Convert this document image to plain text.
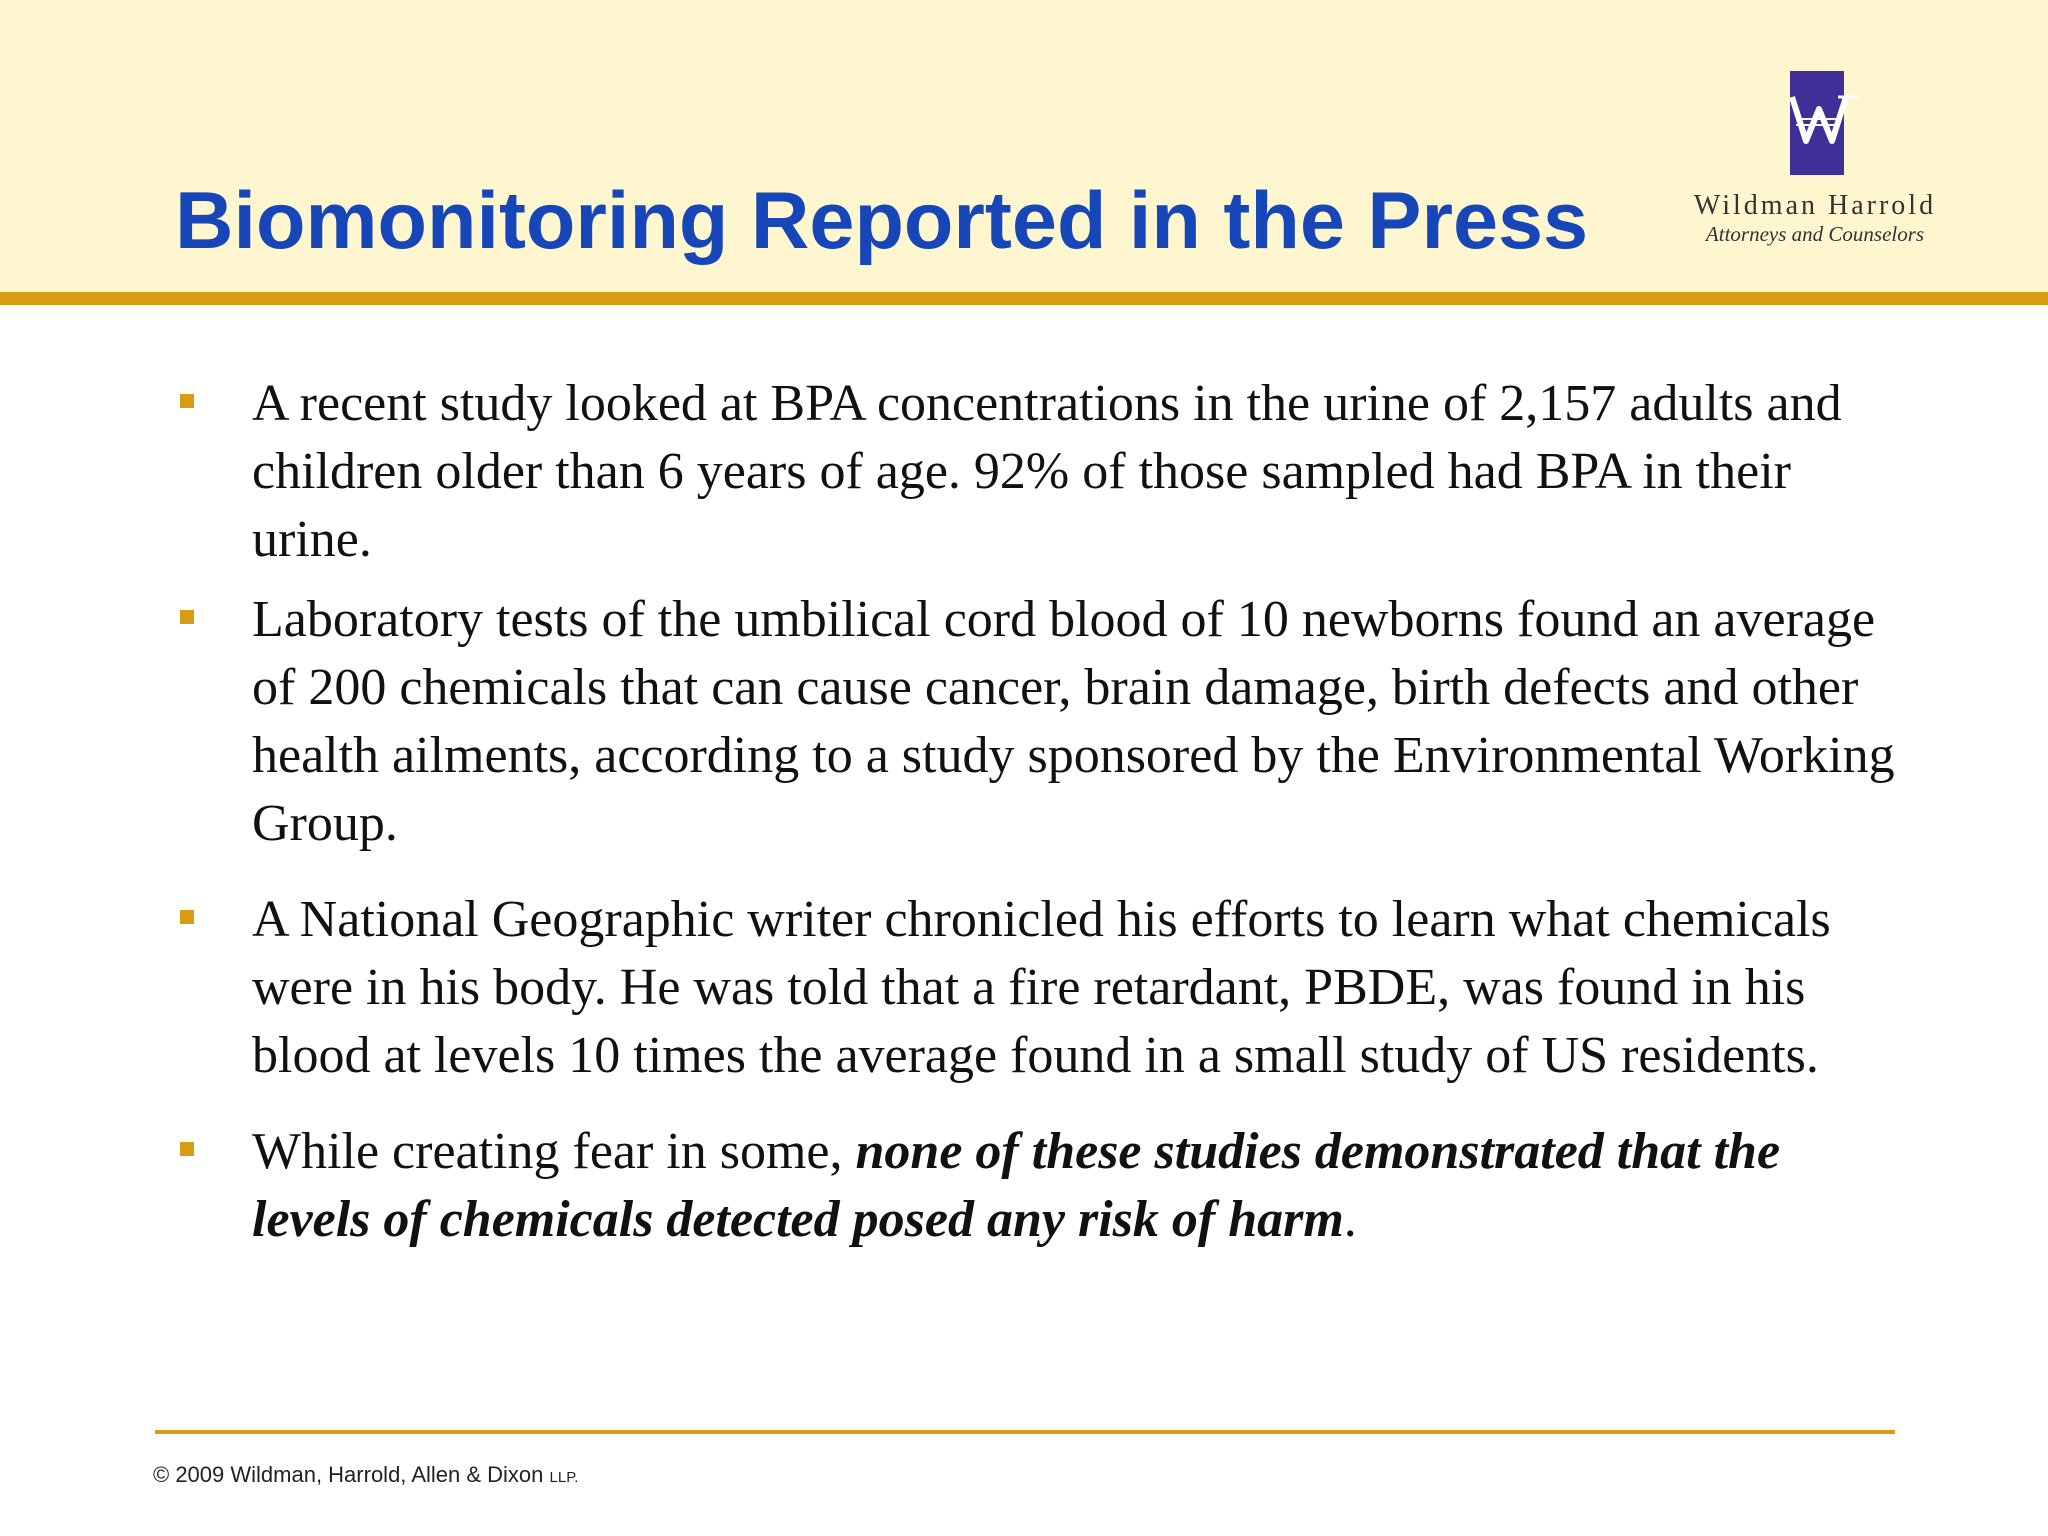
Biomonitoring Reported in the Press	Wildman Harrold
Attorneys and Counselors
A recent study looked at BPA concentrations in the urine of 2,157 adults and children older than 6 years of age. 92% of those sampled had BPA in their urine.
Laboratory tests of the umbilical cord blood of 10 newborns found an average of 200 chemicals that can cause cancer, brain damage, birth defects and other health ailments, according to a study sponsored by the Environmental Working Group.
A National Geographic writer chronicled his efforts to learn what chemicals were in his body. He was told that a fire retardant, PBDE, was found in his blood at levels 10 times the average found in a small study of US residents.
While creating fear in some, none of these studies demonstrated that the levels of chemicals detected posed any risk of harm.
© 2009 Wildman, Harrold, Allen & Dixon LLP.
